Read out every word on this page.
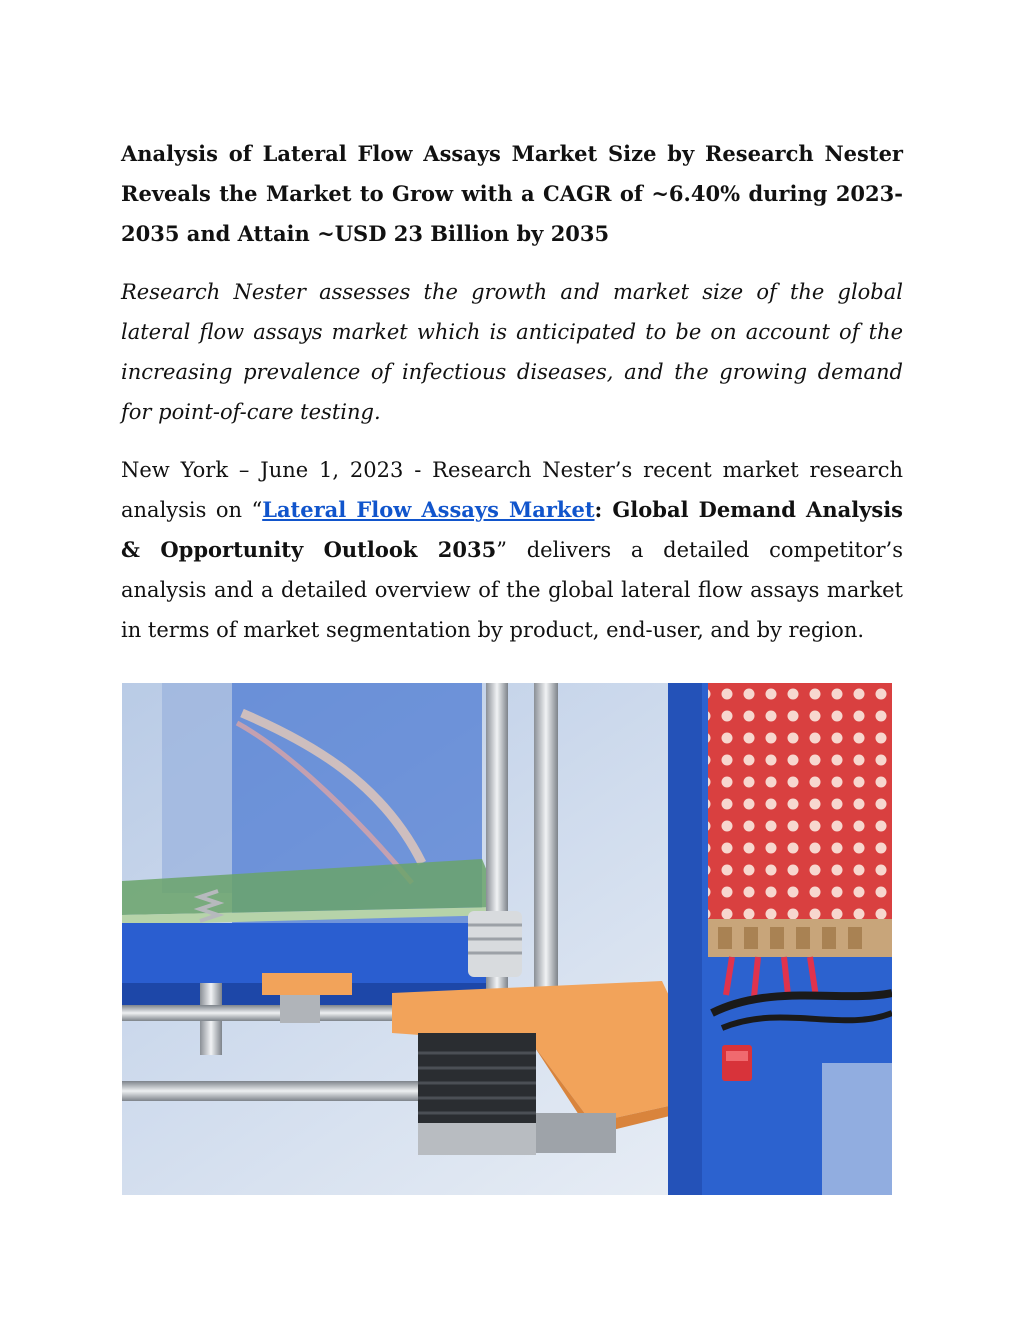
Analysis of Lateral Flow Assays Market Size by Research Nester Reveals the Market to Grow with a CAGR of ~6.40% during 2023-2035 and Attain ~USD 23 Billion by 2035

Research Nester assesses the growth and market size of the global lateral flow assays market which is anticipated to be on account of the increasing prevalence of infectious diseases, and the growing demand for point-of-care testing.

New York – June 1, 2023 - Research Nester’s recent market research analysis on “Lateral Flow Assays Market: Global Demand Analysis & Opportunity Outlook 2035” delivers a detailed competitor’s analysis and a detailed overview of the global lateral flow assays market in terms of market segmentation by product, end-user, and by region.
